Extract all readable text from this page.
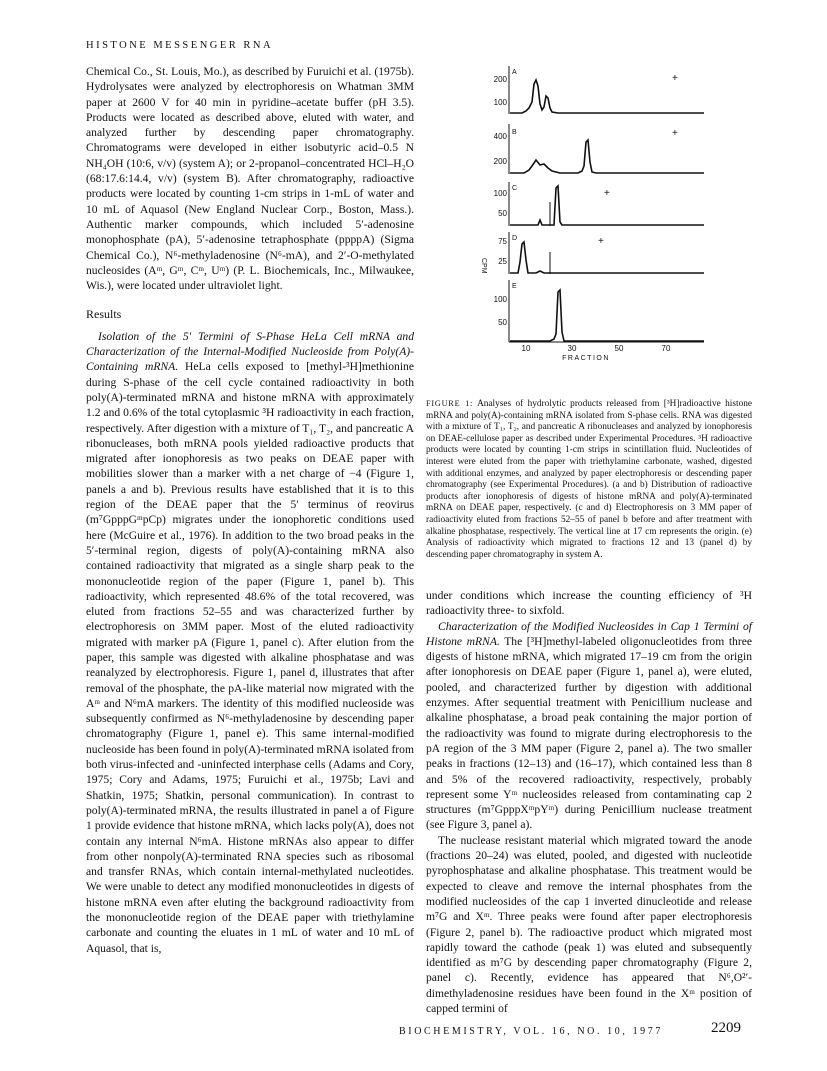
HISTONE MESSENGER RNA

Chemical Co., St. Louis, Mo.), as described by Furuichi et al. (1975b). Hydrolysates were analyzed by electrophoresis on Whatman 3MM paper at 2600 V for 40 min in pyridine–acetate buffer (pH 3.5). Products were located as described above, eluted with water, and analyzed further by descending paper chromatography. Chromatograms were developed in either isobutyric acid–0.5 N NH₄OH (10:6, v/v) (system A); or 2-propanol–concentrated HCl–H₂O (68:17.6:14.4, v/v) (system B). After chromatography, radioactive products were located by counting 1-cm strips in 1-mL of water and 10 mL of Aquasol (New England Nuclear Corp., Boston, Mass.). Authentic marker compounds, which included 5′-adenosine monophosphate (pA), 5′-adenosine tetraphosphate (ppppA) (Sigma Chemical Co.), N⁶-methyladenosine (N⁶-mA), and 2′-O-methylated nucleosides (Aᵐ, Gᵐ, Cᵐ, Uᵐ) (P. L. Biochemicals, Inc., Milwaukee, Wis.), were located under ultraviolet light.

Results

Isolation of the 5′ Termini of S-Phase HeLa Cell mRNA and Characterization of the Internal-Modified Nucleoside from Poly(A)-Containing mRNA. HeLa cells exposed to [methyl-³H]methionine during S-phase of the cell cycle contained radioactivity in both poly(A)-terminated mRNA and histone mRNA with approximately 1.2 and 0.6% of the total cytoplasmic ³H radioactivity in each fraction, respectively. After digestion with a mixture of T₁, T₂, and pancreatic A ribonucleases, both mRNA pools yielded radioactive products that migrated after ionophoresis as two peaks on DEAE paper with mobilities slower than a marker with a net charge of −4 (Figure 1, panels a and b). Previous results have established that it is to this region of the DEAE paper that the 5′ terminus of reovirus (m⁷GpppGᵐpCp) migrates under the ionophoretic conditions used here (McGuire et al., 1976). In addition to the two broad peaks in the 5′-terminal region, digests of poly(A)-containing mRNA also contained radioactivity that migrated as a single sharp peak to the mononucleotide region of the paper (Figure 1, panel b). This radioactivity, which represented 48.6% of the total recovered, was eluted from fractions 52–55 and was characterized further by electrophoresis on 3MM paper. Most of the eluted radioactivity migrated with marker pA (Figure 1, panel c). After elution from the paper, this sample was digested with alkaline phosphatase and was reanalyzed by electrophoresis. Figure 1, panel d, illustrates that after removal of the phosphate, the pA-like material now migrated with the Aᵐ and N⁶mA markers. The identity of this modified nucleoside was subsequently confirmed as N⁶-methyladenosine by descending paper chromatography (Figure 1, panel e). This same internal-modified nucleoside has been found in poly(A)-terminated mRNA isolated from both virus-infected and -uninfected interphase cells (Adams and Cory, 1975; Cory and Adams, 1975; Furuichi et al., 1975b; Lavi and Shatkin, 1975; Shatkin, personal communication). In contrast to poly(A)-terminated mRNA, the results illustrated in panel a of Figure 1 provide evidence that histone mRNA, which lacks poly(A), does not contain any internal N⁶mA. Histone mRNAs also appear to differ from other nonpoly(A)-terminated RNA species such as ribosomal and transfer RNAs, which contain internal-methylated nucleotides. We were unable to detect any modified mononucleotides in digests of histone mRNA even after eluting the background radioactivity from the mononucleotide region of the DEAE paper with triethylamine carbonate and counting the eluates in 1 mL of water and 10 mL of Aquasol, that is,

200
100
A
+
400
200
B	+
100
50
C	+
75
25
D	+
CPM
100
50
E
10	30	50	70
FRACTION
FIGURE 1: Analyses of hydrolytic products released from [³H]radioactive histone mRNA and poly(A)-containing mRNA isolated from S-phase cells. RNA was digested with a mixture of T₁, T₂, and pancreatic A ribonucleases and analyzed by ionophoresis on DEAE-cellulose paper as described under Experimental Procedures. ³H radioactive products were located by counting 1-cm strips in scintillation fluid. Nucleotides of interest were eluted from the paper with triethylamine carbonate, washed, digested with additional enzymes, and analyzed by paper electrophoresis or descending paper chromatography (see Experimental Procedures). (a and b) Distribution of radioactive products after ionophoresis of digests of histone mRNA and poly(A)-terminated mRNA on DEAE paper, respectively. (c and d) Electrophoresis on 3 MM paper of radioactivity eluted from fractions 52–55 of panel b before and after treatment with alkaline phosphatase, respectively. The vertical line at 17 cm represents the origin. (e) Analysis of radioactivity which migrated to fractions 12 and 13 (panel d) by descending paper chromatography in system A.

under conditions which increase the counting efficiency of ³H radioactivity three- to sixfold.

Characterization of the Modified Nucleosides in Cap 1 Termini of Histone mRNA. The [³H]methyl-labeled oligonucleotides from three digests of histone mRNA, which migrated 17–19 cm from the origin after ionophoresis on DEAE paper (Figure 1, panel a), were eluted, pooled, and characterized further by digestion with additional enzymes. After sequential treatment with Penicillium nuclease and alkaline phosphatase, a broad peak containing the major portion of the radioactivity was found to migrate during electrophoresis to the pA region of the 3 MM paper (Figure 2, panel a). The two smaller peaks in fractions (12–13) and (16–17), which contained less than 8 and 5% of the recovered radioactivity, respectively, probably represent some Yᵐ nucleosides released from contaminating cap 2 structures (m⁷GpppXᵐpYᵐ) during Penicillium nuclease treatment (see Figure 3, panel a).

The nuclease resistant material which migrated toward the anode (fractions 20–24) was eluted, pooled, and digested with nucleotide pyrophosphatase and alkaline phosphatase. This treatment would be expected to cleave and remove the internal phosphates from the modified nucleosides of the cap 1 inverted dinucleotide and release m⁷G and Xᵐ. Three peaks were found after paper electrophoresis (Figure 2, panel b). The radioactive product which migrated most rapidly toward the cathode (peak 1) was eluted and subsequently identified as m⁷G by descending paper chromatography (Figure 2, panel c). Recently, evidence has appeared that N⁶,O²′-dimethyladenosine residues have been found in the Xᵐ position of capped termini of

BIOCHEMISTRY, VOL. 16, NO. 10, 1977	2209
